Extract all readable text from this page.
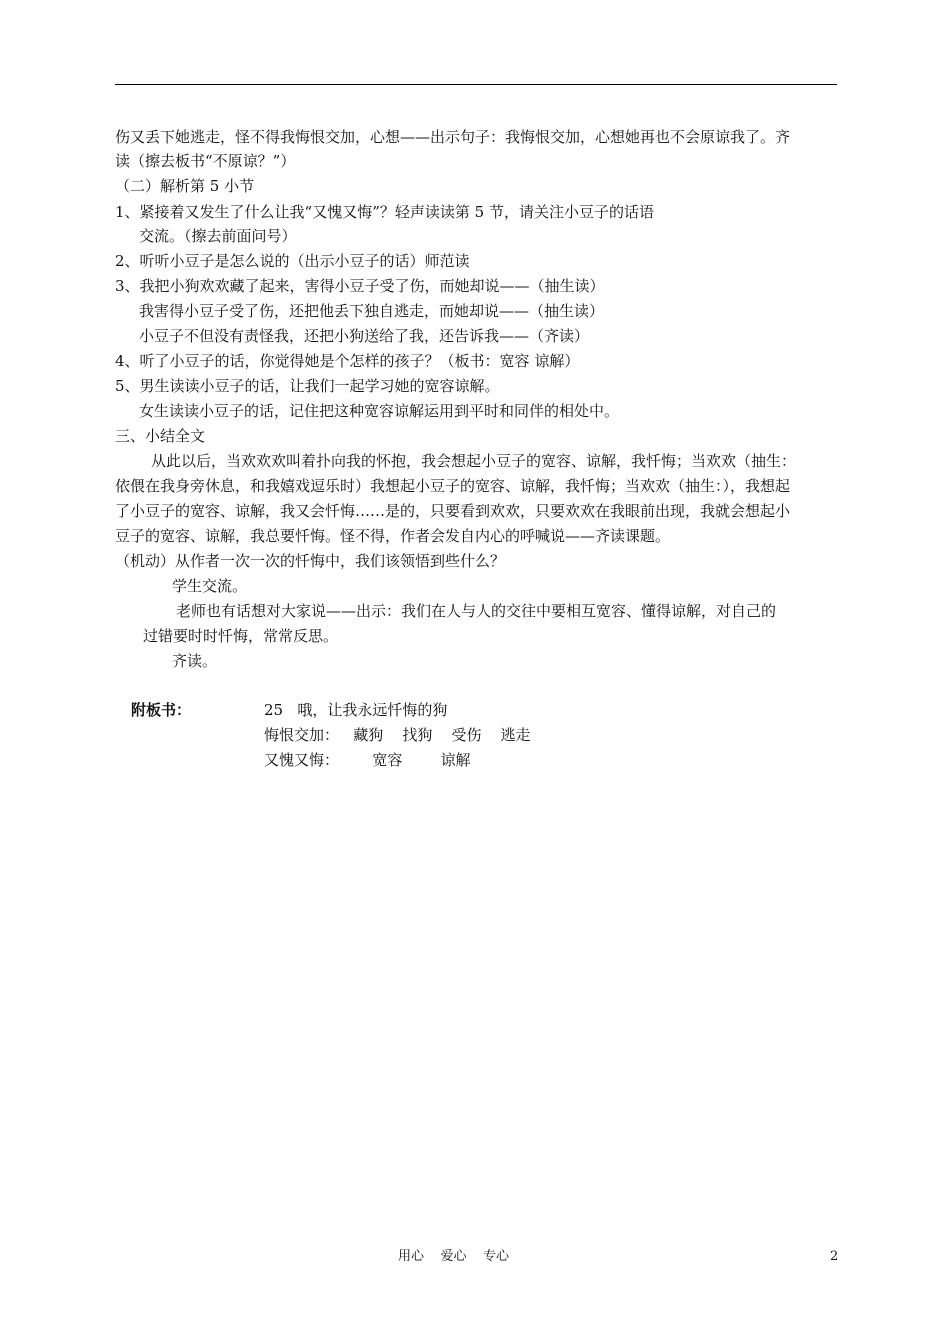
伤又丢下她逃走，怪不得我悔恨交加，心想——出示句子：我悔恨交加，心想她再也不会原谅我了。齐
读（擦去板书“不原谅？”）
（二）解析第 5 小节
1、紧接着又发生了什么让我“又愧又悔”？轻声读读第 5 节，请关注小豆子的话语
交流。（擦去前面问号）
2、听听小豆子是怎么说的（出示小豆子的话）师范读
3、我把小狗欢欢藏了起来，害得小豆子受了伤，而她却说——（抽生读）
我害得小豆子受了伤，还把他丢下独自逃走，而她却说——（抽生读）
小豆子不但没有责怪我，还把小狗送给了我，还告诉我——（齐读）
4、听了小豆子的话，你觉得她是个怎样的孩子？（板书：宽容 谅解）
5、男生读读小豆子的话，让我们一起学习她的宽容谅解。
女生读读小豆子的话，记住把这种宽容谅解运用到平时和同伴的相处中。
三、小结全文
从此以后，当欢欢欢叫着扑向我的怀抱，我会想起小豆子的宽容、谅解，我忏悔；当欢欢（抽生：
依偎在我身旁休息，和我嬉戏逗乐时）我想起小豆子的宽容、谅解，我忏悔；当欢欢（抽生：），我想起
了小豆子的宽容、谅解，我又会忏悔……是的，只要看到欢欢，只要欢欢在我眼前出现，我就会想起小
豆子的宽容、谅解，我总要忏悔。怪不得，作者会发自内心的呼喊说——齐读课题。
（机动）从作者一次一次的忏悔中，我们该领悟到些什么？
学生交流。
老师也有话想对大家说——出示：我们在人与人的交往中要相互宽容、懂得谅解，对自己的
过错要时时忏悔，常常反思。
齐读。
附板书：	25   哦，让我永远忏悔的狗
悔恨交加：   藏狗    找狗    受伤    逃走
又愧又悔：       宽容        谅解
用心    爱心    专心	2
